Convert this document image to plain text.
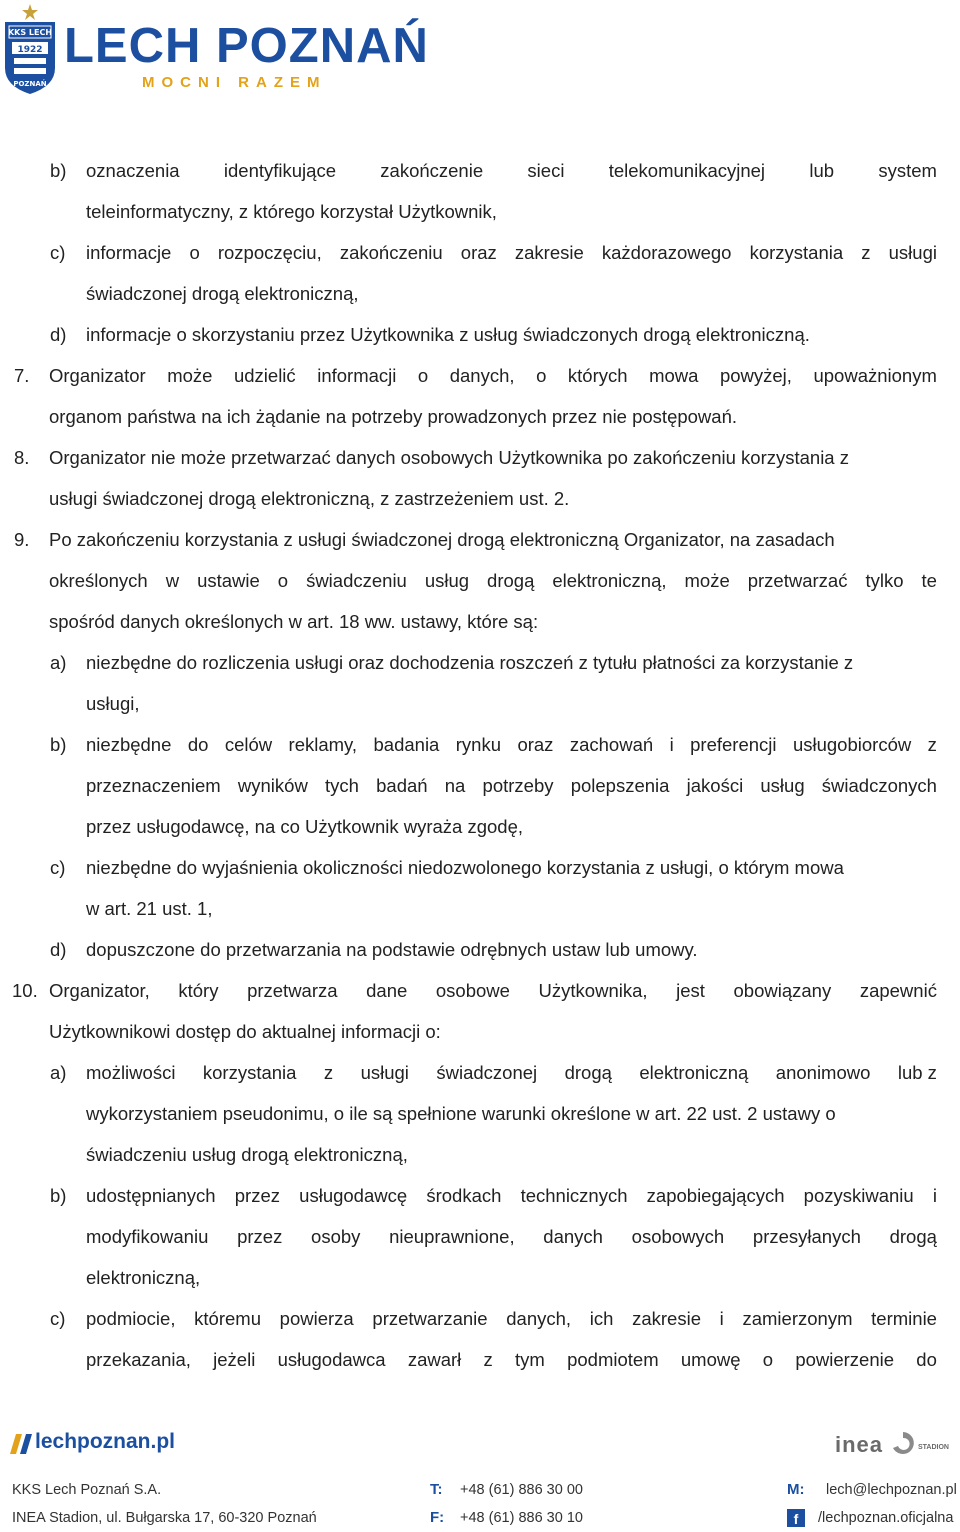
KKS LECH
1922
POZNAŃ
LECH POZNAŃ
MOCNI RAZEM
b) oznaczenia identyfikujące zakończenie sieci telekomunikacyjnej lub system
teleinformatyczny, z którego korzystał Użytkownik,
c) informacje o rozpoczęciu, zakończeniu oraz zakresie każdorazowego korzystania z usługi
świadczonej drogą elektroniczną,
d) informacje o skorzystaniu przez Użytkownika z usług świadczonych drogą elektroniczną.
7. Organizator może udzielić informacji o danych, o których mowa powyżej, upoważnionym
organom państwa na ich żądanie na potrzeby prowadzonych przez nie postępowań.
8. Organizator nie może przetwarzać danych osobowych Użytkownika po zakończeniu korzystania z
usługi świadczonej drogą elektroniczną, z zastrzeżeniem ust. 2.
9. Po zakończeniu korzystania z usługi świadczonej drogą elektroniczną Organizator, na zasadach
określonych w ustawie o świadczeniu usług drogą elektroniczną, może przetwarzać tylko te
spośród danych określonych w art. 18 ww. ustawy, które są:
a) niezbędne do rozliczenia usługi oraz dochodzenia roszczeń z tytułu płatności za korzystanie z
usługi,
b) niezbędne do celów reklamy, badania rynku oraz zachowań i preferencji usługobiorców z
przeznaczeniem wyników tych badań na potrzeby polepszenia jakości usług świadczonych
przez usługodawcę, na co Użytkownik wyraża zgodę,
c) niezbędne do wyjaśnienia okoliczności niedozwolonego korzystania z usługi, o którym mowa
w art. 21 ust. 1,
d) dopuszczone do przetwarzania na podstawie odrębnych ustaw lub umowy.
10. Organizator, który przetwarza dane osobowe Użytkownika, jest obowiązany zapewnić
Użytkownikowi dostęp do aktualnej informacji o:
a) możliwości korzystania z usługi świadczonej drogą elektroniczną anonimowo lub z
wykorzystaniem pseudonimu, o ile są spełnione warunki określone w art. 22 ust. 2 ustawy o
świadczeniu usług drogą elektroniczną,
b) udostępnianych przez usługodawcę środkach technicznych zapobiegających pozyskiwaniu i
modyfikowaniu przez osoby nieuprawnione, danych osobowych przesyłanych drogą
elektroniczną,
c) podmiocie, któremu powierza przetwarzanie danych, ich zakresie i zamierzonym terminie
przekazania, jeżeli usługodawca zawarł z tym podmiotem umowę o powierzenie do
lechpoznan.pl	inea	STADION
KKS Lech Poznań S.A.
INEA Stadion, ul. Bułgarska 17, 60-320 Poznań
T: +48 (61) 886 30 00
F: +48 (61) 886 30 10
M: lech@lechpoznan.pl
f	/lechpoznan.oficjalna
